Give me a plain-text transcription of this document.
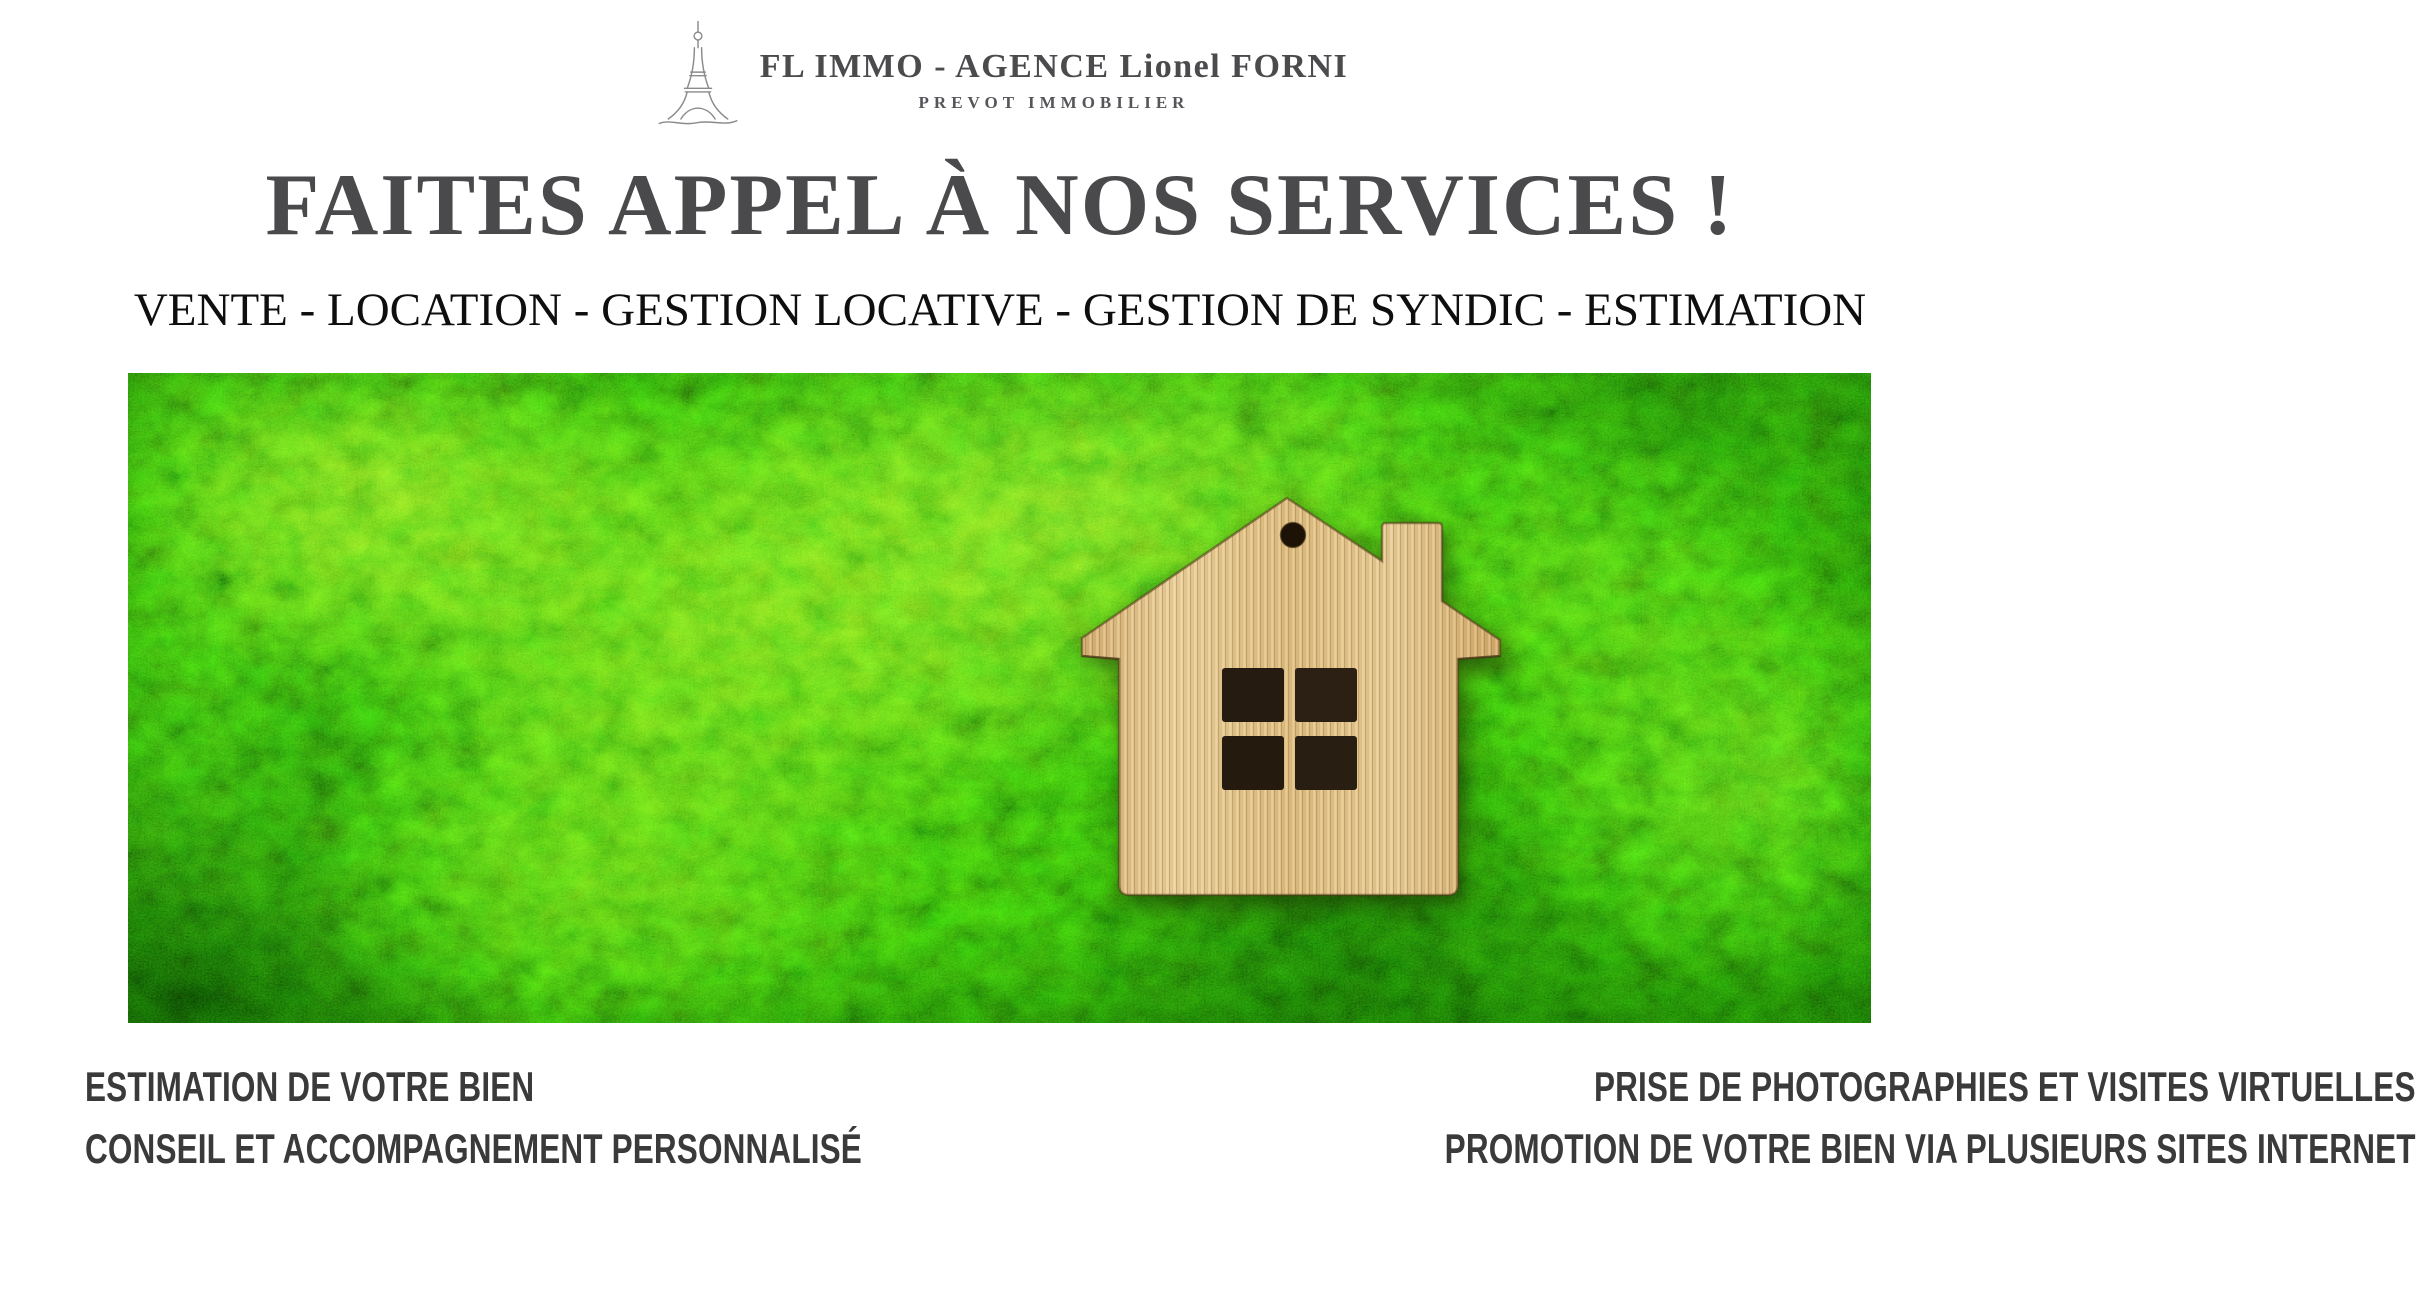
FL IMMO - AGENCE Lionel FORNI
PREVOT IMMOBILIER
FAITES APPEL À NOS SERVICES !
VENTE - LOCATION - GESTION LOCATIVE - GESTION DE SYNDIC - ESTIMATION
ESTIMATION DE VOTRE BIEN
CONSEIL ET ACCOMPAGNEMENT PERSONNALISÉ
PRISE DE PHOTOGRAPHIES ET VISITES VIRTUELLES
PROMOTION DE VOTRE BIEN VIA PLUSIEURS SITES INTERNET
